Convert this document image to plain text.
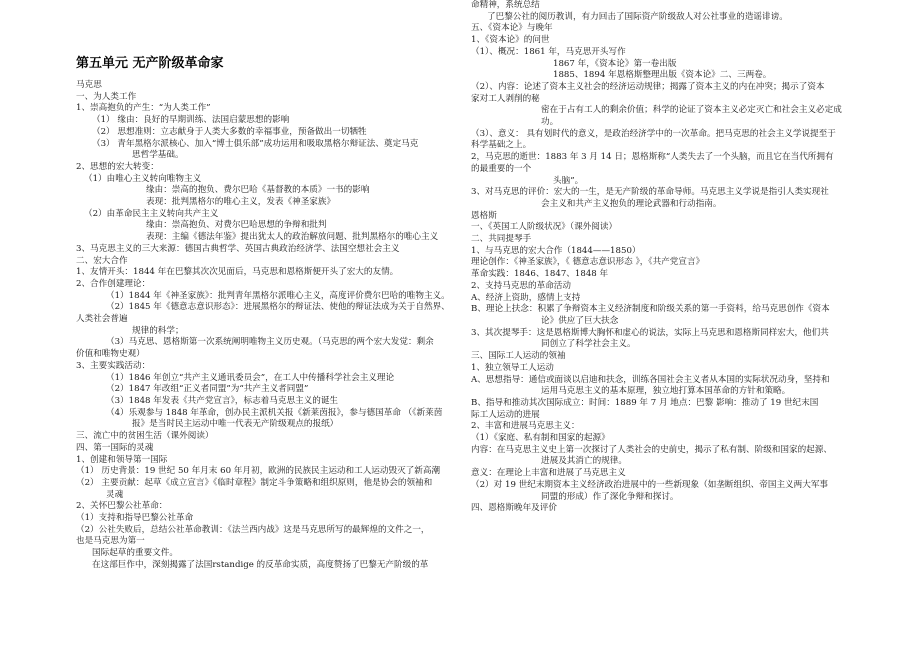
第五单元 无产阶级革命家
马克思
一、为人类工作
1、崇高抱负的产生：“为人类工作”
（1） 缘由：良好的早期训练、法国启蒙思想的影响
（2） 思想准则：立志献身于人类大多数的幸福事业，预备做出一切牺牲
（3） 青年黑格尔派核心、加入“博士俱乐部”成功运用和吸取黑格尔辩证法、奠定马克
思哲学基础。
2、思想的宏大转变：
（1）由唯心主义转向唯物主义
缘由：崇高的抱负、费尔巴哈《基督教的本质》一书的影响
表现：批判黑格尔的唯心主义，发表《神圣家族》
（2）由革命民主主义转向共产主义
缘由：崇高抱负、对费尔巴哈思想的争辩和批判
表现：主编《德法年鉴》提出犹太人的政治解放问题、批判黑格尔的唯心主义
3、马克思主义的三大来源：德国古典哲学、英国古典政治经济学、法国空想社会主义
二、宏大合作
1、友情开头：1844 年在巴黎其次次见面后，马克思和恩格斯便开头了宏大的友情。
2、合作创建理论：
（1）1844 年《神圣家族》：批判青年黑格尔派唯心主义，高度评价费尔巴哈的唯物主义。
（2）1845 年《德意志意识形态》：进展黑格尔的辩证法、使他的辩证法成为关于自然界、
人类社会普遍
规律的科学；
（3）马克思、恩格斯第一次系统阐明唯物主义历史观。（马克思的两个宏大发觉：剩余
价值和唯物史观）
3、主要实践活动：
（1）1846 年创立“共产主义通讯委员会”，在工人中传播科学社会主义理论
（2）1847 年改组“正义者同盟”为“共产主义者同盟”
（3）1848 年发表《共产党宣言》，标志着马克思主义的诞生
（4）乐观参与 1848 年革命，创办民主派机关报《新莱茵报》，参与德国革命 （《新莱茵
报》是当时民主运动中唯一代表无产阶级观点的报纸）
三、流亡中的贫困生活（课外阅读）
四、第一国际的灵魂
1、创建和领导第一国际
（1） 历史背景：19 世纪 50 年月末 60 年月初，欧洲的民族民主运动和工人运动毁灭了新高潮
（2） 主要贡献：起草《成立宣言》《临时章程》制定斗争策略和组织原则，他是协会的领袖和
灵魂
2、关怀巴黎公社革命：
（1）支持和指导巴黎公社革命
（2）公社失败后，总结公社革命教训：《法兰西内战》这是马克思所写的最辉煌的文件之一，
也是马克思为第一
国际起草的重要文件。
在这部巨作中，深刻揭露了法国rstandige 的反革命实质，高度赞扬了巴黎无产阶级的革
命精神，系统总结
了巴黎公社的阅历教训，有力回击了国际资产阶级敌人对公社事业的造谣诽谤。
五、《资本论》与晚年
1、《资本论》的问世
（1）、概况：1861 年，马克思开头写作
1867 年，《资本论》第一卷出版
1885、1894 年恩格斯整理出版《资本论》二、三两卷。
（2）、内容：论述了资本主义社会的经济运动规律；揭露了资本主义的内在冲突；揭示了资本
家对工人剥削的秘
密在于占有工人的剩余价值；科学的论证了资本主义必定灭亡和社会主义必定成
功。
（3）、意义： 具有划时代的意义，是政治经济学中的一次革命。把马克思的社会主义学说提至于
科学基础之上。
2，马克思的逝世：1883 年 3 月 14 日；恩格斯称“人类失去了一个头脑，而且它在当代所拥有
的最重要的一个
头脑”。
3、对马克思的评价：宏大的一生，是无产阶级的革命导师。马克思主义学说是指引人类实现社
会主义和共产主义抱负的理论武器和行动指南。
恩格斯
一、《英国工人阶级状况》（课外阅读）
二、共同提琴手
1、与马克思的宏大合作（1844——1850）
理论创作：《神圣家族》，《 德意志意识形态 》，《共产党宣言》
革命实践：1846、1847、1848 年
2、支持马克思的革命活动
A、经济上资助，感情上支持
B、理论上扶念：积累了争辩资本主义经济制度和阶级关系的第一手资料，给马克思创作《资本
论》供应了巨大扶念
3、其次提琴手：这是恩格斯博大胸怀和虚心的说法，实际上马克思和恩格斯同样宏大，他们共
同创立了科学社会主义。
三、国际工人运动的领袖
1、独立领导工人运动
A、思想指导：通信或面谈以启迪和扶念，训练各国社会主义者从本国的实际状况动身，坚持和
运用马克思主义的基本原理，独立地打算本国革命的方针和策略。
B、指导和推动其次国际成立：时间：1889 年 7 月 地点：巴黎 影响：推动了 19 世纪末国
际工人运动的进展
2、丰富和进展马克思主义：
（1）《家庭、私有制和国家的起源》
内容：在马克思主义史上第一次探讨了人类社会的史前史，揭示了私有制、阶级和国家的起源、
进展及其消亡的规律。
意义：在理论上丰富和进展了马克思主义
（2）对 19 世纪末期资本主义经济政治进展中的一些新现象（如垄断组织、帝国主义两大军事
同盟的形成）作了深化争辩和探讨。
四、恩格斯晚年及评价
